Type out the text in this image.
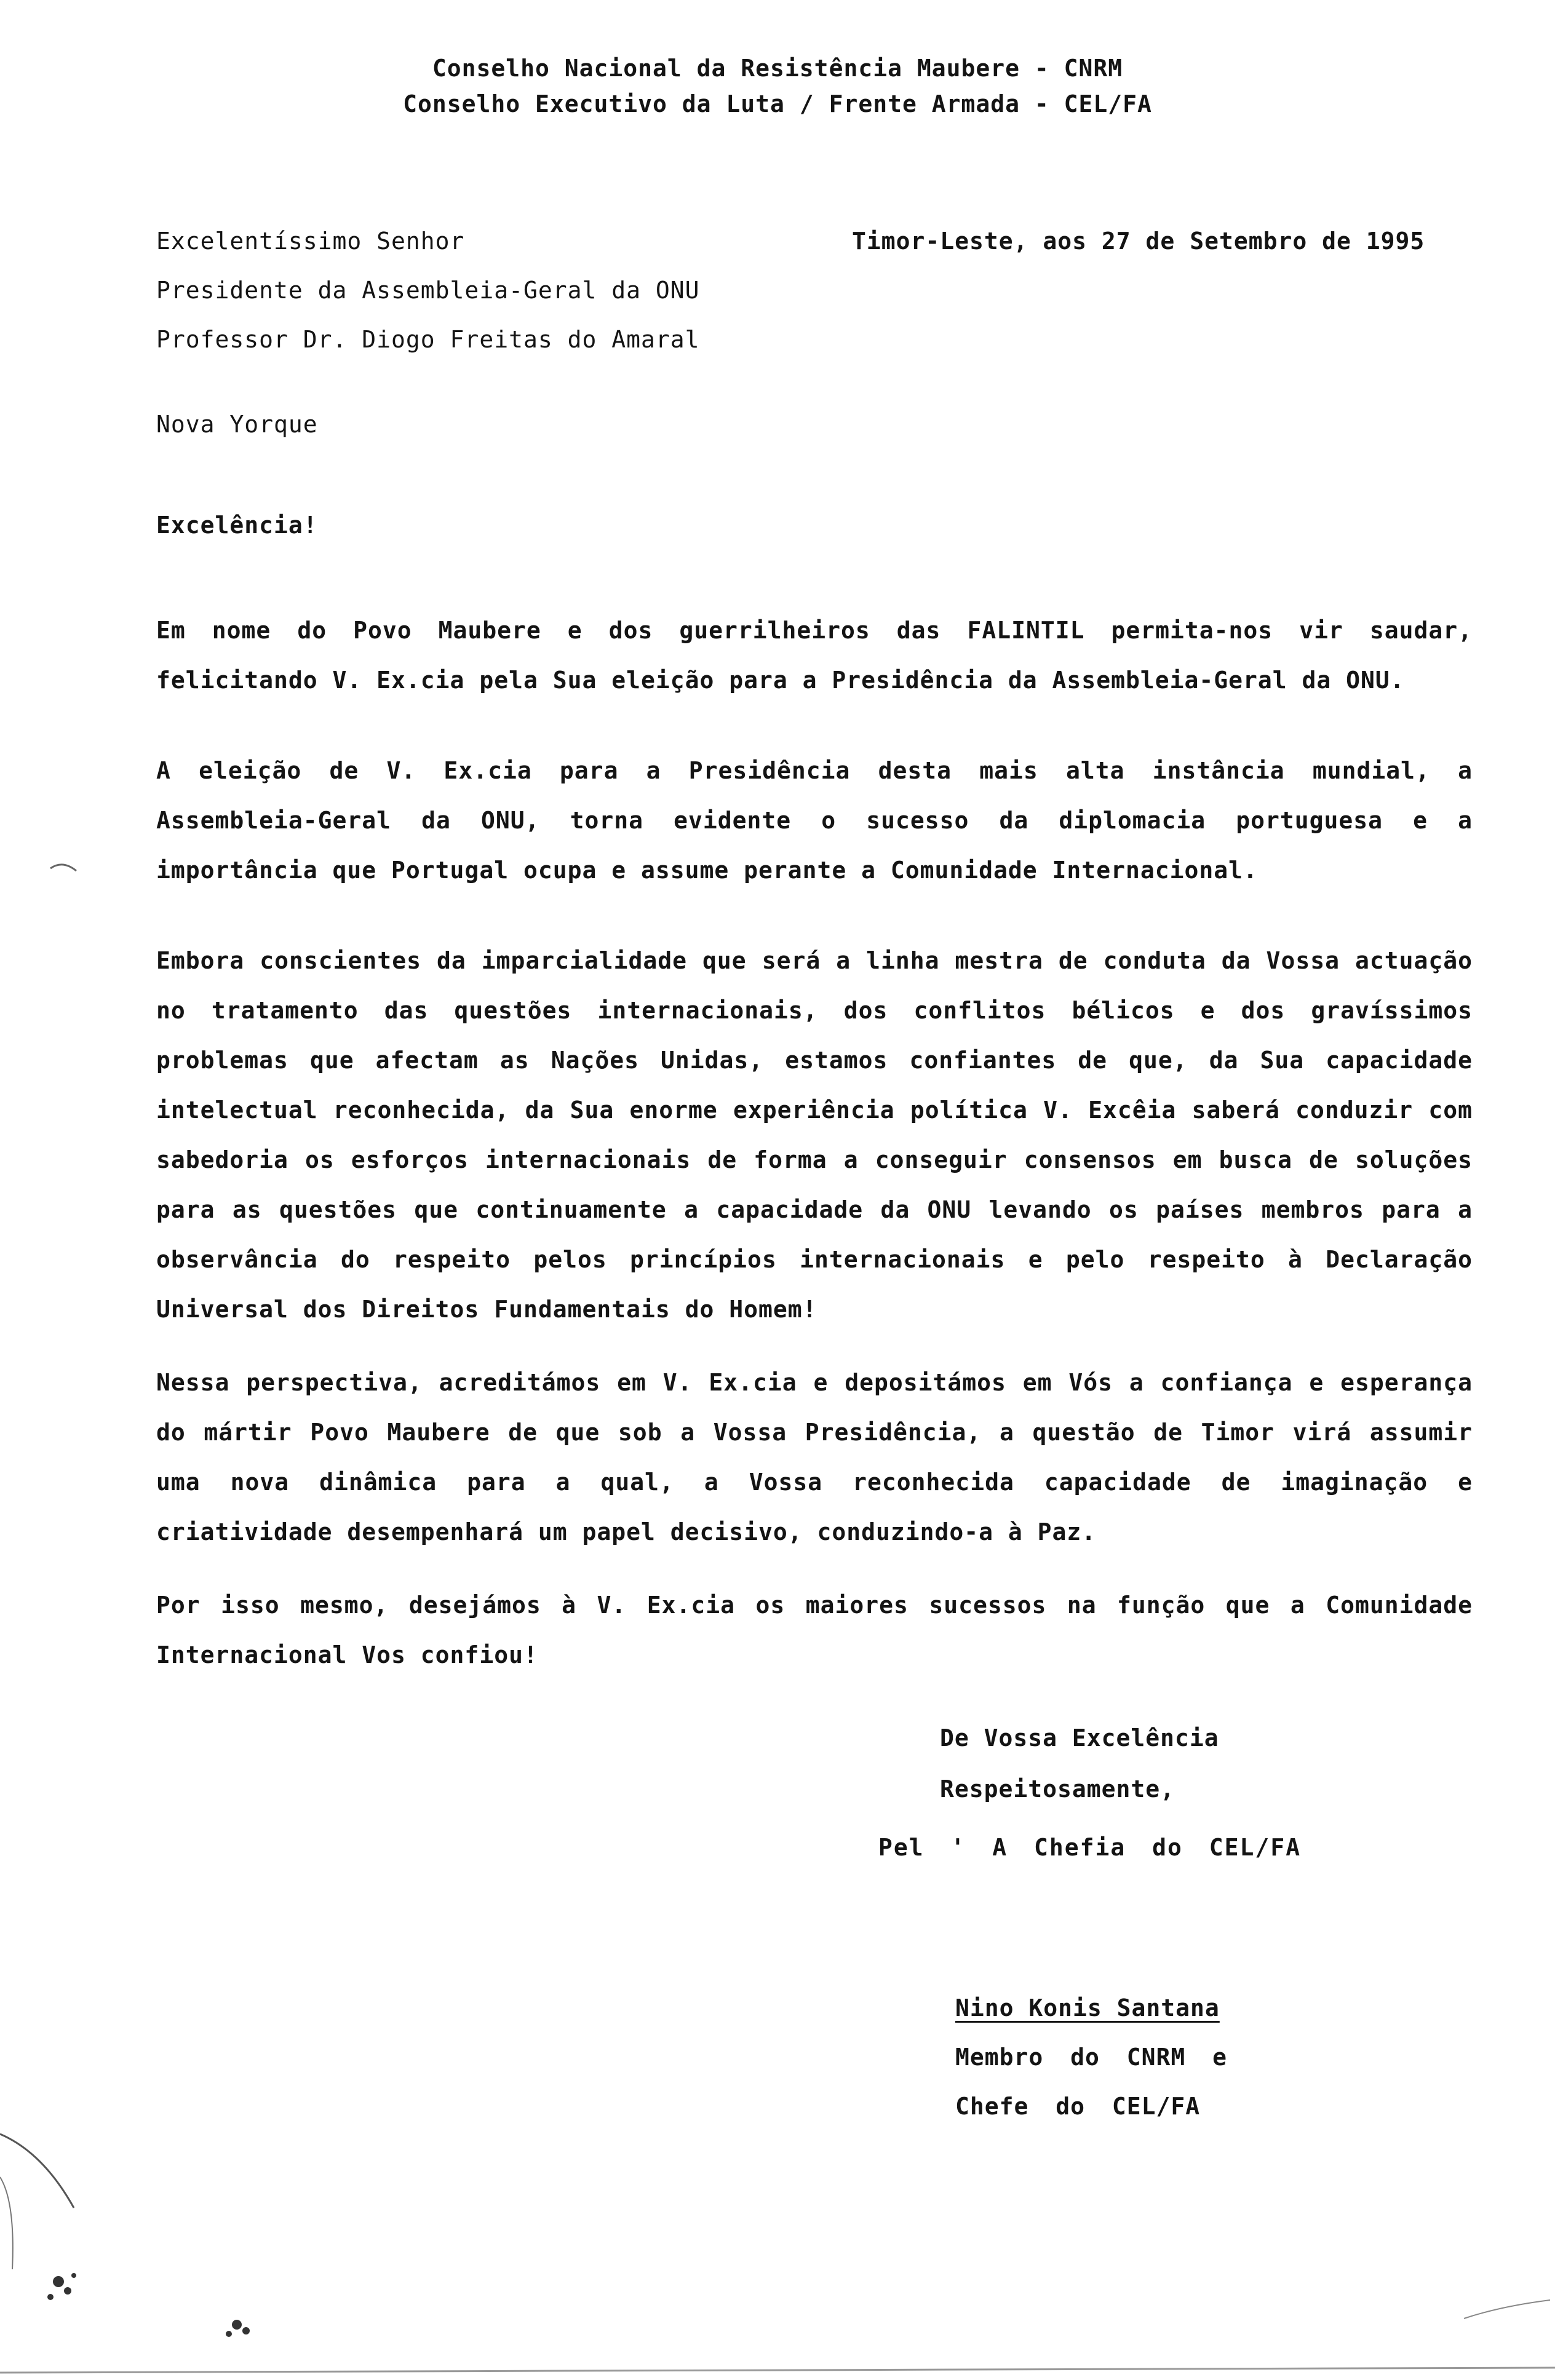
Conselho Nacional da Resistência Maubere - CNRM
Conselho Executivo da Luta / Frente Armada - CEL/FA
Excelentíssimo Senhor
Presidente da Assembleia-Geral da ONU
Professor Dr. Diogo Freitas do Amaral
Timor-Leste, aos 27 de Setembro de 1995
Nova Yorque
Excelência!

Em nome do Povo Maubere e dos guerrilheiros das FALINTIL permita-nos vir saudar, felicitando V. Ex.cia pela Sua eleição para a Presidência da Assembleia-Geral da ONU.

A eleição de V. Ex.cia para a Presidência desta mais alta instância mundial, a Assembleia-Geral da ONU, torna evidente o sucesso da diplomacia portuguesa e a importância que Portugal ocupa e assume perante a Comunidade Internacional.

Embora conscientes da imparcialidade que será a linha mestra de conduta da Vossa actuação no tratamento das questões internacionais, dos conflitos bélicos e dos gravíssimos problemas que afectam as Nações Unidas, estamos confiantes de que, da Sua capacidade intelectual reconhecida, da Sua enorme experiência política V. Excêia saberá conduzir com sabedoria os esforços internacionais de forma a conseguir consensos em busca de soluções para as questões que continuamente a capacidade da ONU levando os países membros para a observância do respeito pelos princípios internacionais e pelo respeito à Declaração Universal dos Direitos Fundamentais do Homem!

Nessa perspectiva, acreditámos em V. Ex.cia e depositámos em Vós a confiança e esperança do mártir Povo Maubere de que sob a Vossa Presidência, a questão de Timor virá assumir uma nova dinâmica para a qual, a Vossa reconhecida capacidade de imaginação e criatividade desempenhará um papel decisivo, conduzindo-a à Paz.

Por isso mesmo, desejámos à V. Ex.cia os maiores sucessos na função que a Comunidade Internacional Vos confiou!

De Vossa Excelência
Respeitosamente,
Pel ' A Chefia do CEL/FA
Nino Konis Santana
Membro do CNRM e
Chefe do CEL/FA
